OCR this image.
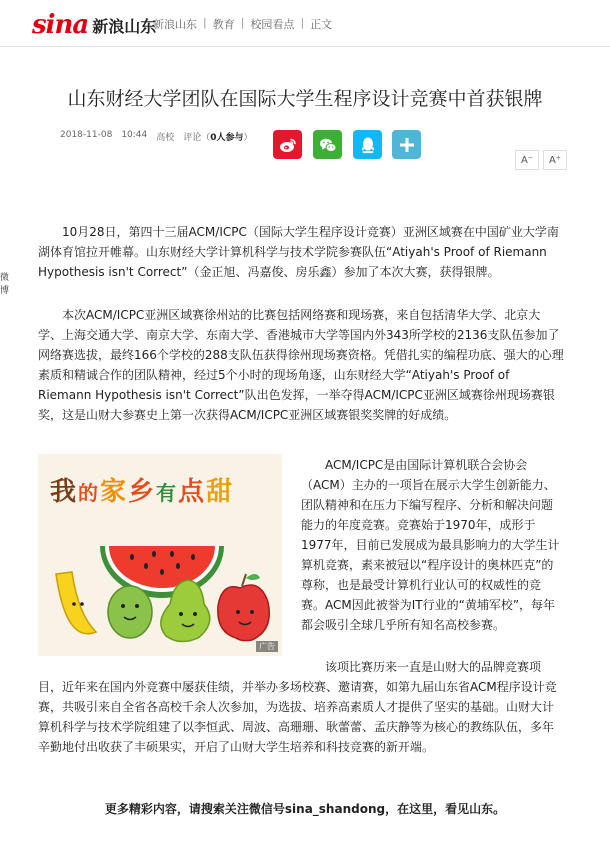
sina 新浪山东
新浪山东 | 教育 | 校园看点 | 正文
山东财经大学团队在国际大学生程序设计竞赛中首获银牌
2018-11-08 10:44 高校 评论（0人参与）
A⁻	A⁺
微博

10月28日，第四十三届ACM/ICPC（国际大学生程序设计竞赛）亚洲区域赛在中国矿业大学南湖体育馆拉开帷幕。山东财经大学计算机科学与技术学院参赛队伍“Atiyah's Proof of Riemann Hypothesis isn't Correct”（金正旭、冯嘉俊、房乐鑫）参加了本次大赛，获得银牌。

本次ACM/ICPC亚洲区域赛徐州站的比赛包括网络赛和现场赛，来自包括清华大学、北京大学、上海交通大学、南京大学、东南大学、香港城市大学等国内外343所学校的2136支队伍参加了网络赛选拔，最终166个学校的288支队伍获得徐州现场赛资格。凭借扎实的编程功底、强大的心理素质和精诚合作的团队精神，经过5个小时的现场角逐，山东财经大学“Atiyah's Proof of Riemann Hypothesis isn't Correct”队出色发挥，一举夺得ACM/ICPC亚洲区域赛徐州现场赛银奖，这是山财大参赛史上第一次获得ACM/ICPC亚洲区域赛银奖奖牌的好成绩。

我的家乡有点甜
广告

ACM/ICPC是由国际计算机联合会协会（ACM）主办的一项旨在展示大学生创新能力、团队精神和在压力下编写程序、分析和解决问题能力的年度竞赛。竞赛始于1970年，成形于1977年，目前已发展成为最具影响力的大学生计算机竞赛，素来被冠以“程序设计的奥林匹克”的尊称，也是最受计算机行业认可的权威性的竞赛。ACM因此被誉为IT行业的“黄埔军校”，每年都会吸引全球几乎所有知名高校参赛。

该项比赛历来一直是山财大的品牌竞赛项
目，近年来在国内外竞赛中屡获佳绩，并举办多场校赛、邀请赛，如第九届山东省ACM程序设计竞赛，共吸引来自全省各高校千余人次参加，为选拔、培养高素质人才提供了坚实的基础。山财大计算机科学与技术学院组建了以李恒武、周波、高珊珊、耿蕾蕾、孟庆静等为核心的教练队伍，多年辛勤地付出收获了丰硕果实，开启了山财大学生培养和科技竞赛的新开端。

更多精彩内容，请搜索关注微信号sina_shandong，在这里，看见山东。
